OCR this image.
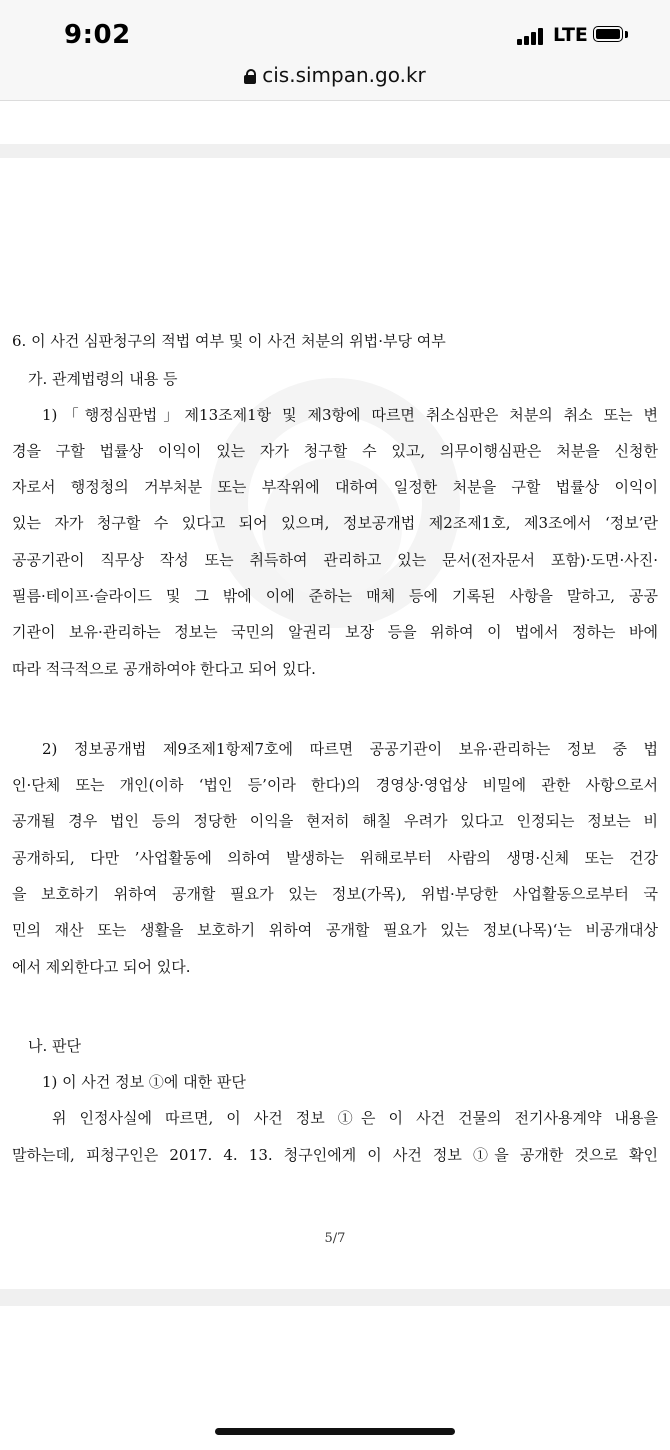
9:02	LTE
cis.simpan.go.kr
6. 이 사건 심판청구의 적법 여부 및 이 사건 처분의 위법·부당 여부
가. 관계법령의 내용 등
1)「행정심판법」제13조제1항 및 제3항에 따르면 취소심판은 처분의 취소 또는 변
경을 구할 법률상 이익이 있는 자가 청구할 수 있고, 의무이행심판은 처분을 신청한
자로서 행정청의 거부처분 또는 부작위에 대하여 일정한 처분을 구할 법률상 이익이
있는 자가 청구할 수 있다고 되어 있으며, 정보공개법 제2조제1호, 제3조에서 ‘정보’란
공공기관이 직무상 작성 또는 취득하여 관리하고 있는 문서(전자문서 포함)·도면·사진·
필름·테이프·슬라이드 및 그 밖에 이에 준하는 매체 등에 기록된 사항을 말하고, 공공
기관이 보유·관리하는 정보는 국민의 알권리 보장 등을 위하여 이 법에서 정하는 바에
따라 적극적으로 공개하여야 한다고 되어 있다.
2) 정보공개법 제9조제1항제7호에 따르면 공공기관이 보유·관리하는 정보 중 법
인·단체 또는 개인(이하 ‘법인 등’이라 한다)의 경영상·영업상 비밀에 관한 사항으로서
공개될 경우 법인 등의 정당한 이익을 현저히 해칠 우려가 있다고 인정되는 정보는 비
공개하되, 다만 ’사업활동에 의하여 발생하는 위해로부터 사람의 생명·신체 또는 건강
을 보호하기 위하여 공개할 필요가 있는 정보(가목), 위법·부당한 사업활동으로부터 국
민의 재산 또는 생활을 보호하기 위하여 공개할 필요가 있는 정보(나목)‘는 비공개대상
에서 제외한다고 되어 있다.
나. 판단
1) 이 사건 정보 ①에 대한 판단
위 인정사실에 따르면, 이 사건 정보 ①은 이 사건 건물의 전기사용계약 내용을
말하는데, 피청구인은 2017. 4. 13. 청구인에게 이 사건 정보 ①을 공개한 것으로 확인
5/7
